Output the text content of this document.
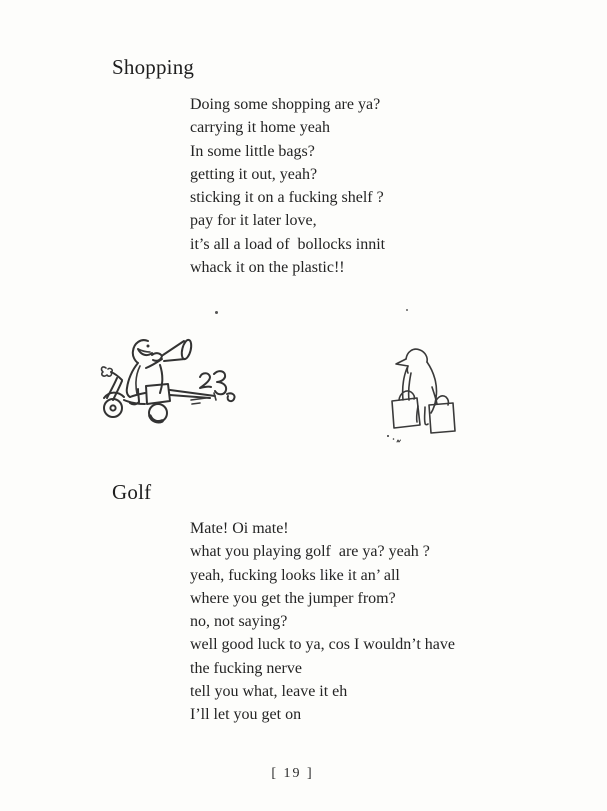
Shopping
Doing some shopping are ya?
carrying it home yeah
In some little bags?
getting it out, yeah?
sticking it on a fucking shelf ?
pay for it later love,
it’s all a load of  bollocks innit
whack it on the plastic!!
Golf
Mate! Oi mate!
what you playing golf  are ya? yeah ?
yeah, fucking looks like it an’ all
where you get the jumper from?
no, not saying?
well good luck to ya, cos I wouldn’t have
the fucking nerve
tell you what, leave it eh
I’ll let you get on
[ 19 ]
